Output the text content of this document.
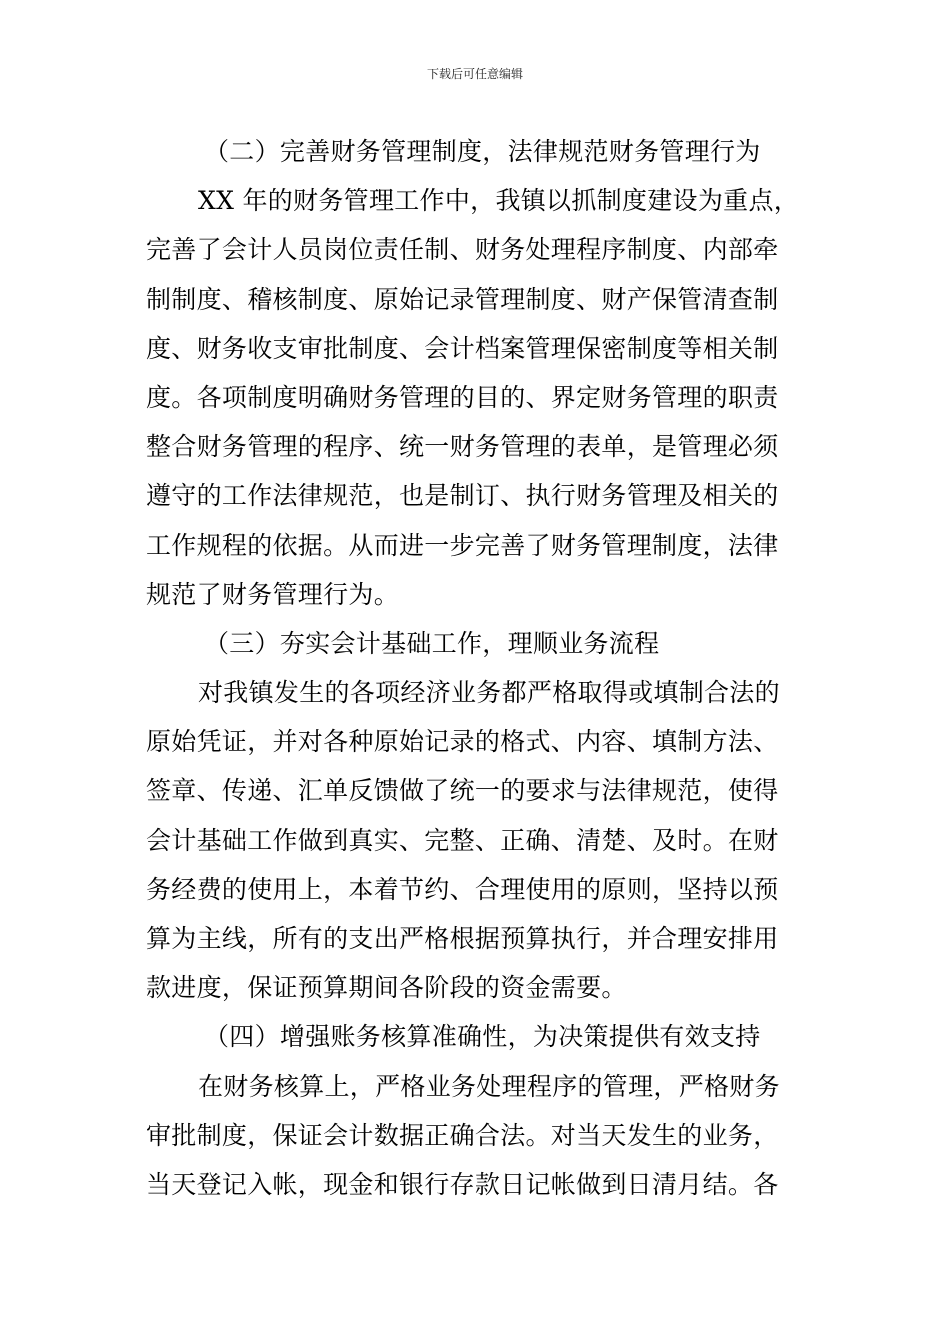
下载后可任意编辑
（二）完善财务管理制度，法律规范财务管理行为
XX 年的财务管理工作中，我镇以抓制度建设为重点，
完善了会计人员岗位责任制、财务处理程序制度、内部牵
制制度、稽核制度、原始记录管理制度、财产保管清查制
度、财务收支审批制度、会计档案管理保密制度等相关制
度。各项制度明确财务管理的目的、界定财务管理的职责
整合财务管理的程序、统一财务管理的表单，是管理必须
遵守的工作法律规范，也是制订、执行财务管理及相关的
工作规程的依据。从而进一步完善了财务管理制度，法律
规范了财务管理行为。
（三）夯实会计基础工作，理顺业务流程
对我镇发生的各项经济业务都严格取得或填制合法的
原始凭证，并对各种原始记录的格式、内容、填制方法、
签章、传递、汇单反馈做了统一的要求与法律规范，使得
会计基础工作做到真实、完整、正确、清楚、及时。在财
务经费的使用上，本着节约、合理使用的原则，坚持以预
算为主线，所有的支出严格根据预算执行，并合理安排用
款进度，保证预算期间各阶段的资金需要。
（四）增强账务核算准确性，为决策提供有效支持
在财务核算上，严格业务处理程序的管理，严格财务
审批制度，保证会计数据正确合法。对当天发生的业务，
当天登记入帐，现金和银行存款日记帐做到日清月结。各
